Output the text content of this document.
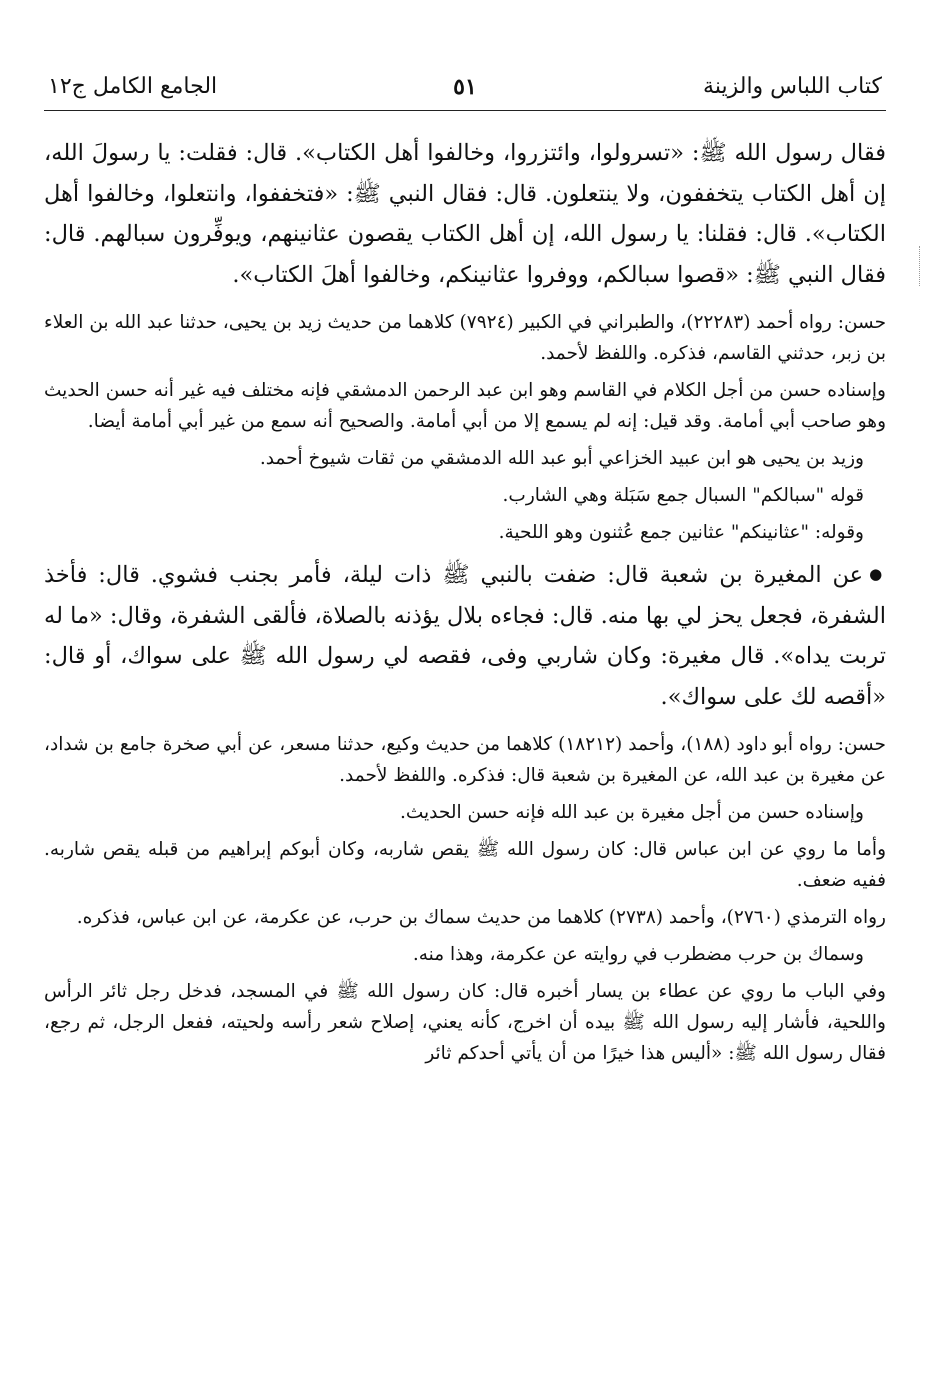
كتاب اللباس والزينة
٥١
الجامع الكامل ج١٢

فقال رسول الله ﷺ: «تسرولوا، وائتزروا، وخالفوا أهل الكتاب». قال: فقلت: يا رسولَ الله، إن أهل الكتاب يتخففون، ولا ينتعلون. قال: فقال النبي ﷺ: «فتخففوا، وانتعلوا، وخالفوا أهل الكتاب». قال: فقلنا: يا رسول الله، إن أهل الكتاب يقصون عثانينهم، ويوفِّرون سبالهم. قال: فقال النبي ﷺ: «قصوا سبالكم، ووفروا عثانينكم، وخالفوا أهلَ الكتاب».

حسن: رواه أحمد (٢٢٢٨٣)، والطبراني في الكبير (٧٩٢٤) كلاهما من حديث زيد بن يحيى، حدثنا عبد الله بن العلاء بن زبر، حدثني القاسم، فذكره. واللفظ لأحمد.

وإسناده حسن من أجل الكلام في القاسم وهو ابن عبد الرحمن الدمشقي فإنه مختلف فيه غير أنه حسن الحديث وهو صاحب أبي أمامة. وقد قيل: إنه لم يسمع إلا من أبي أمامة. والصحيح أنه سمع من غير أبي أمامة أيضا.

وزيد بن يحيى هو ابن عبيد الخزاعي أبو عبد الله الدمشقي من ثقات شيوخ أحمد.

قوله "سبالكم" السبال جمع سَبَلة وهي الشارب.

وقوله: "عثانينكم" عثانين جمع عُثنون وهو اللحية.

● عن المغيرة بن شعبة قال: ضفت بالنبي ﷺ ذات ليلة، فأمر بجنب فشوي. قال: فأخذ الشفرة، فجعل يحز لي بها منه. قال: فجاءه بلال يؤذنه بالصلاة، فألقى الشفرة، وقال: «ما له تربت يداه». قال مغيرة: وكان شاربي وفى، فقصه لي رسول الله ﷺ على سواك، أو قال: «أقصه لك على سواك».

حسن: رواه أبو داود (١٨٨)، وأحمد (١٨٢١٢) كلاهما من حديث وكيع، حدثنا مسعر، عن أبي صخرة جامع بن شداد، عن مغيرة بن عبد الله، عن المغيرة بن شعبة قال: فذكره. واللفظ لأحمد.

وإسناده حسن من أجل مغيرة بن عبد الله فإنه حسن الحديث.

وأما ما روي عن ابن عباس قال: كان رسول الله ﷺ يقص شاربه، وكان أبوكم إبراهيم من قبله يقص شاربه. ففيه ضعف.

رواه الترمذي (٢٧٦٠)، وأحمد (٢٧٣٨) كلاهما من حديث سماك بن حرب، عن عكرمة، عن ابن عباس، فذكره.

وسماك بن حرب مضطرب في روايته عن عكرمة، وهذا منه.

وفي الباب ما روي عن عطاء بن يسار أخبره قال: كان رسول الله ﷺ في المسجد، فدخل رجل ثائر الرأس واللحية، فأشار إليه رسول الله ﷺ بيده أن اخرج، كأنه يعني، إصلاح شعر رأسه ولحيته، ففعل الرجل، ثم رجع، فقال رسول الله ﷺ: «أليس هذا خيرًا من أن يأتي أحدكم ثائر
